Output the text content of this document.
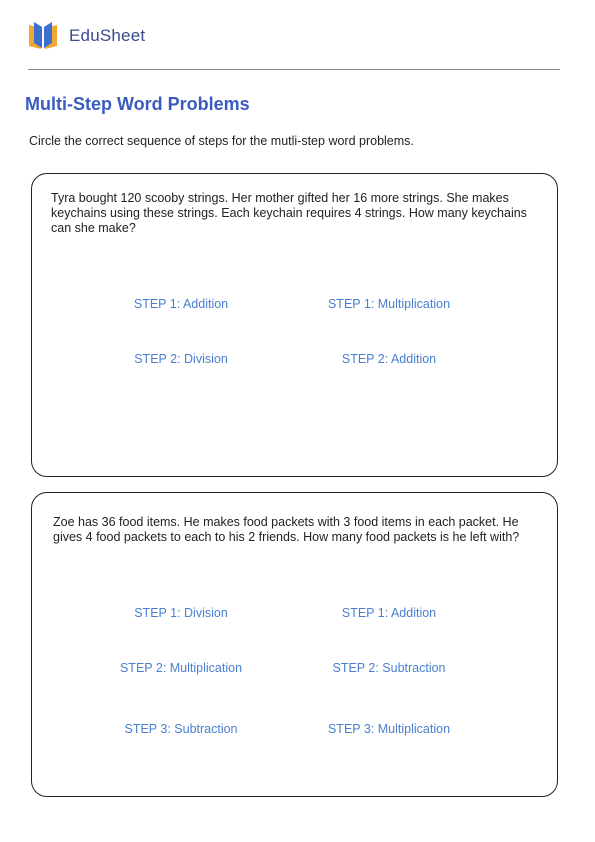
EduSheet
Multi-Step Word Problems
Circle the correct sequence of steps for the mutli-step word problems.
Tyra bought 120 scooby strings. Her mother gifted her 16 more strings. She makes keychains using these strings. Each keychain requires 4 strings. How many keychains can she make?
STEP 1: Addition
STEP 2: Division
STEP 1: Multiplication
STEP 2: Addition
Zoe has 36 food items. He makes food packets with 3 food items in each packet. He gives 4 food packets to each to his 2 friends. How many food packets is he left with?
STEP 1: Division
STEP 2: Multiplication
STEP 3: Subtraction
STEP 1: Addition
STEP 2: Subtraction
STEP 3: Multiplication
